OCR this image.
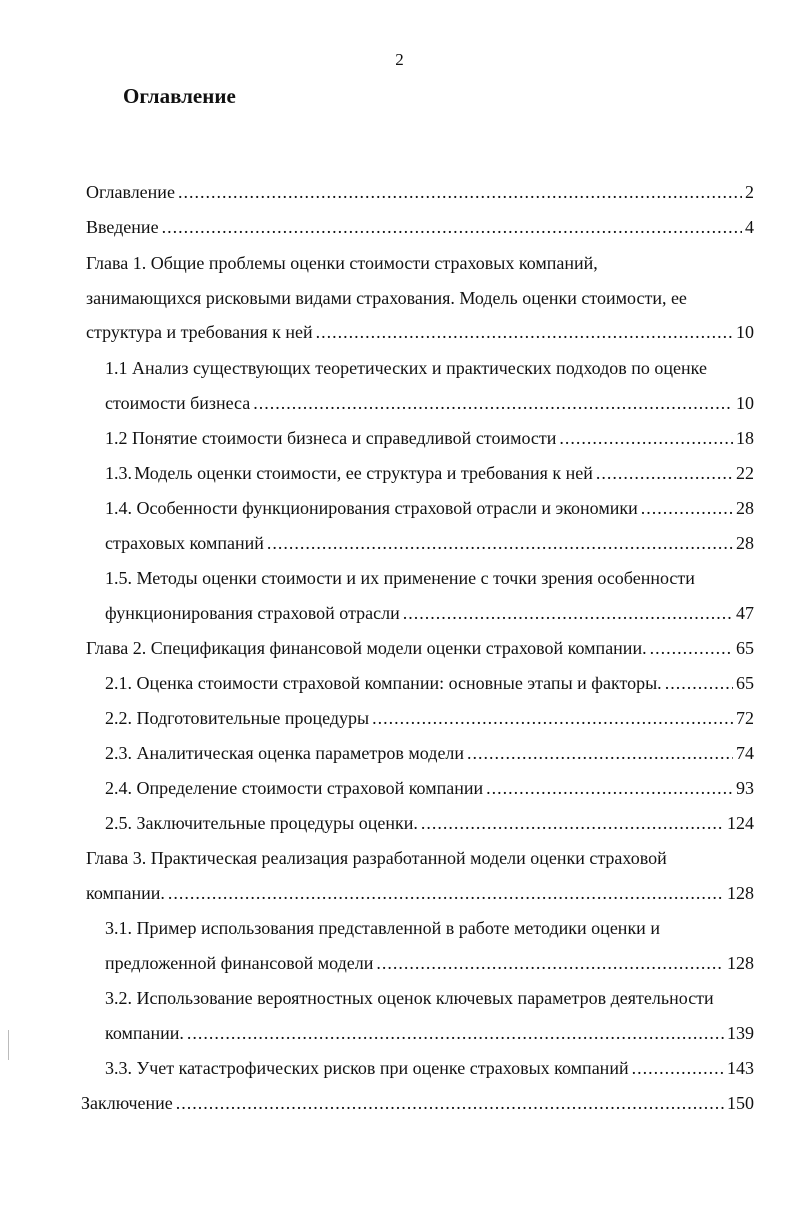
2
Оглавление
Оглавление .....	2
Введение .....	4
Глава 1. Общие проблемы оценки стоимости страховых компаний,
занимающихся рисковыми видами страхования. Модель оценки стоимости, ее
структура и требования к ней .....	10
1.1 Анализ существующих теоретических и практических подходов по оценке
стоимости бизнеса .....	10
1.2 Понятие стоимости бизнеса и справедливой стоимости .....	18
1.3. Модель оценки стоимости, ее структура и требования к ней .....	22
1.4. Особенности функционирования страховой отрасли и экономики .....	28
страховых компаний .....	28
1.5. Методы оценки стоимости и их применение с точки зрения особенности
функционирования страховой отрасли .....	47
Глава 2. Спецификация финансовой модели оценки страховой компании. .....	65
2.1. Оценка стоимости страховой компании: основные этапы и факторы. .....	65
2.2. Подготовительные процедуры .....	72
2.3. Аналитическая оценка параметров модели .....	74
2.4. Определение стоимости страховой компании .....	93
2.5. Заключительные процедуры оценки. .....	124
Глава 3. Практическая реализация разработанной модели оценки страховой
компании. .....	128
3.1. Пример использования представленной в работе методики оценки и
предложенной финансовой модели .....	128
3.2. Использование вероятностных оценок ключевых параметров деятельности
компании. .....	139
3.3. Учет катастрофических рисков при оценке страховых компаний .....	143
Заключение .....	150
